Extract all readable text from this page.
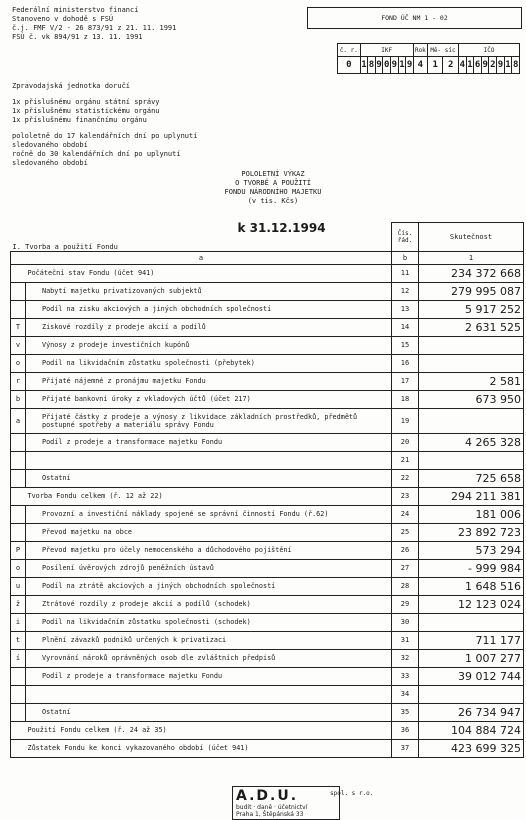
Federální ministerstvo financí
Stanoveno v dohodě s FSÚ
č.j. FMF V/2 - 26 873/91 z 21. 11. 1991
FSÚ č. vk 894/91 z 13. 11. 1991
FOND ÚČ NM 1 - 02
č. r.	IKF							Rok	Mě- síc		IČO							
0	1	8	9	0	9	1	9	4	1	2	4	1	6	9	2	9	1	8
Zpravodajská jednotka doručí
1x příslušnému orgánu státní správy
1x příslušnému statistickému orgánu
1x příslušnému finančnímu orgánu
pololetně do 17 kalendářních dní po uplynutí
sledovaného období
ročně do 30 kalendářních dní po uplynutí
sledovaného období
POLOLETNÍ VÝKAZ
O TVORBĚ A POUŽITÍ
FONDU NÁRODNÍHO MAJETKU
(v tis. Kčs)
k 31.12.1994
I. Tvorba a použití Fondu		Čís. řád.	Skutečnost
a		b	1
	Počáteční stav Fondu (účet 941)	11	234 372 668
	Nabytí majetku privatizovaných subjektů	12	279 995 087
	Podíl na zisku akciových a jiných obchodních společností	13	5 917 252
T	Ziskové rozdíly z prodeje akcií a podílů	14	2 631 525
v	Výnosy z prodeje investičních kupónů	15	
o	Podíl na likvidačním zůstatku společnosti (přebytek)	16	
r	Přijaté nájemné z pronájmu majetku Fondu	17	2 581
b	Přijaté bankovní úroky z vkladových účtů (účet 217)	18	673 950
a	Přijaté částky z prodeje a výnosy z likvidace základních prostředků, předmětů postupné spotřeby a materiálu správy Fondu	19	
	Podíl z prodeje a transformace majetku Fondu	20	4 265 328
		21	
	Ostatní	22	725 658
	Tvorba Fondu celkem (ř. 12 až 22)	23	294 211 381
	Provozní a investiční náklady spojené se správní činností Fondu (ř.62)	24	181 006
	Převod majetku na obce	25	23 892 723
P	Převod majetku pro účely nemocenského a důchodového pojištění	26	573 294
o	Posílení úvěrových zdrojů peněžních ústavů	27	- 999 984
u	Podíl na ztrátě akciových a jiných obchodních společností	28	1 648 516
ž	Ztrátové rozdíly z prodeje akcií a podílů (schodek)	29	12 123 024
i	Podíl na likvidačním zůstatku společnosti (schodek)	30	
t	Plnění závazků podniků určených k privatizaci	31	711 177
í	Vyrovnání nároků oprávněných osob dle zvláštních předpisů	32	1 007 277
	Podíl z prodeje a transformace majetku Fondu	33	39 012 744
		34	
	Ostatní	35	26 734 947
	Použití Fondu celkem (ř. 24 až 35)	36	104 884 724
	Zůstatek Fondu ke konci vykazovaného období (účet 941)	37	423 699 325
A.D.U.
budit · daně · účetnictví
Praha 1, Štěpánská 33
spol. s r.o.
